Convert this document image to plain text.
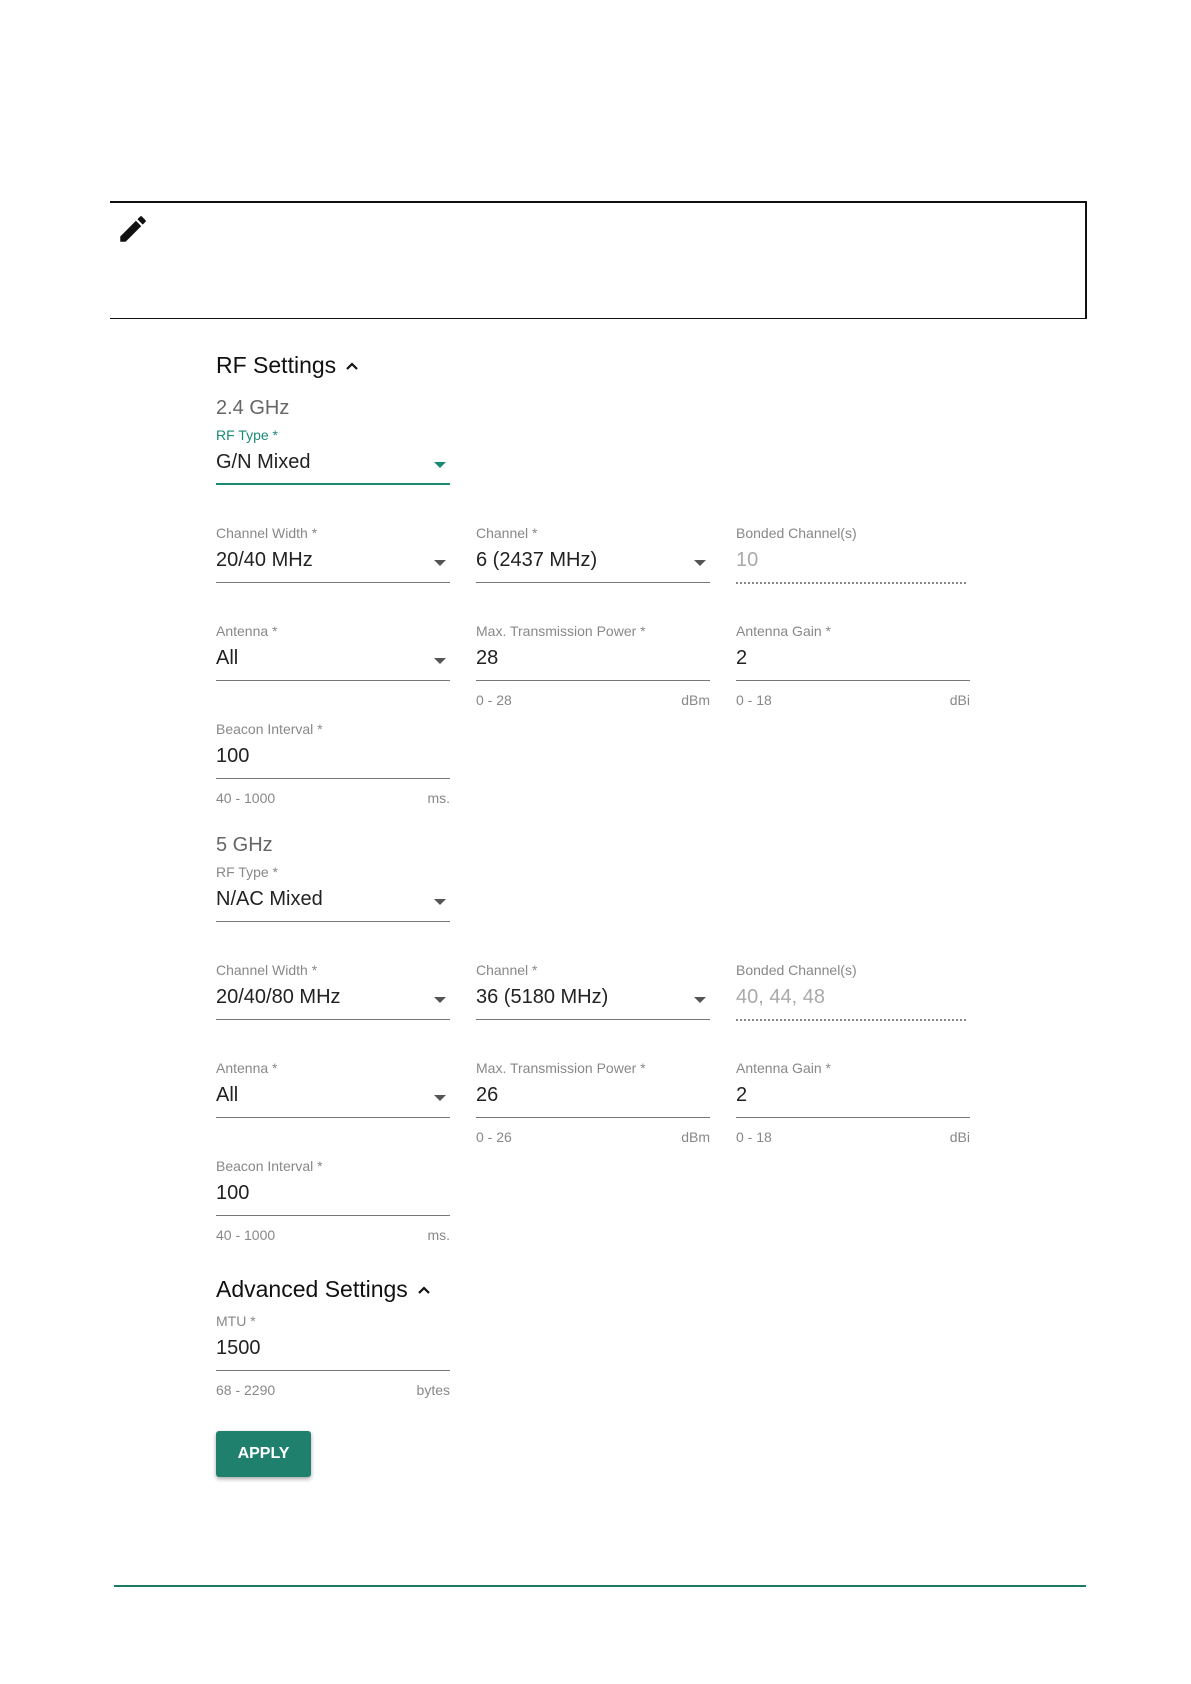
RF Settings
2.4 GHz
RF Type *
G/N Mixed
Channel Width *
20/40 MHz
Channel *
6 (2437 MHz)
Bonded Channel(s)
10
Antenna *
All
Max. Transmission Power *
28
0 - 28	dBm
Antenna Gain *
2
0 - 18	dBi
Beacon Interval *
100
40 - 1000	ms.
5 GHz
RF Type *
N/AC Mixed
Channel Width *
20/40/80 MHz
Channel *
36 (5180 MHz)
Bonded Channel(s)
40, 44, 48
Antenna *
All
Max. Transmission Power *
26
0 - 26	dBm
Antenna Gain *
2
0 - 18	dBi
Beacon Interval *
100
40 - 1000	ms.
Advanced Settings
MTU *
1500
68 - 2290	bytes
APPLY
